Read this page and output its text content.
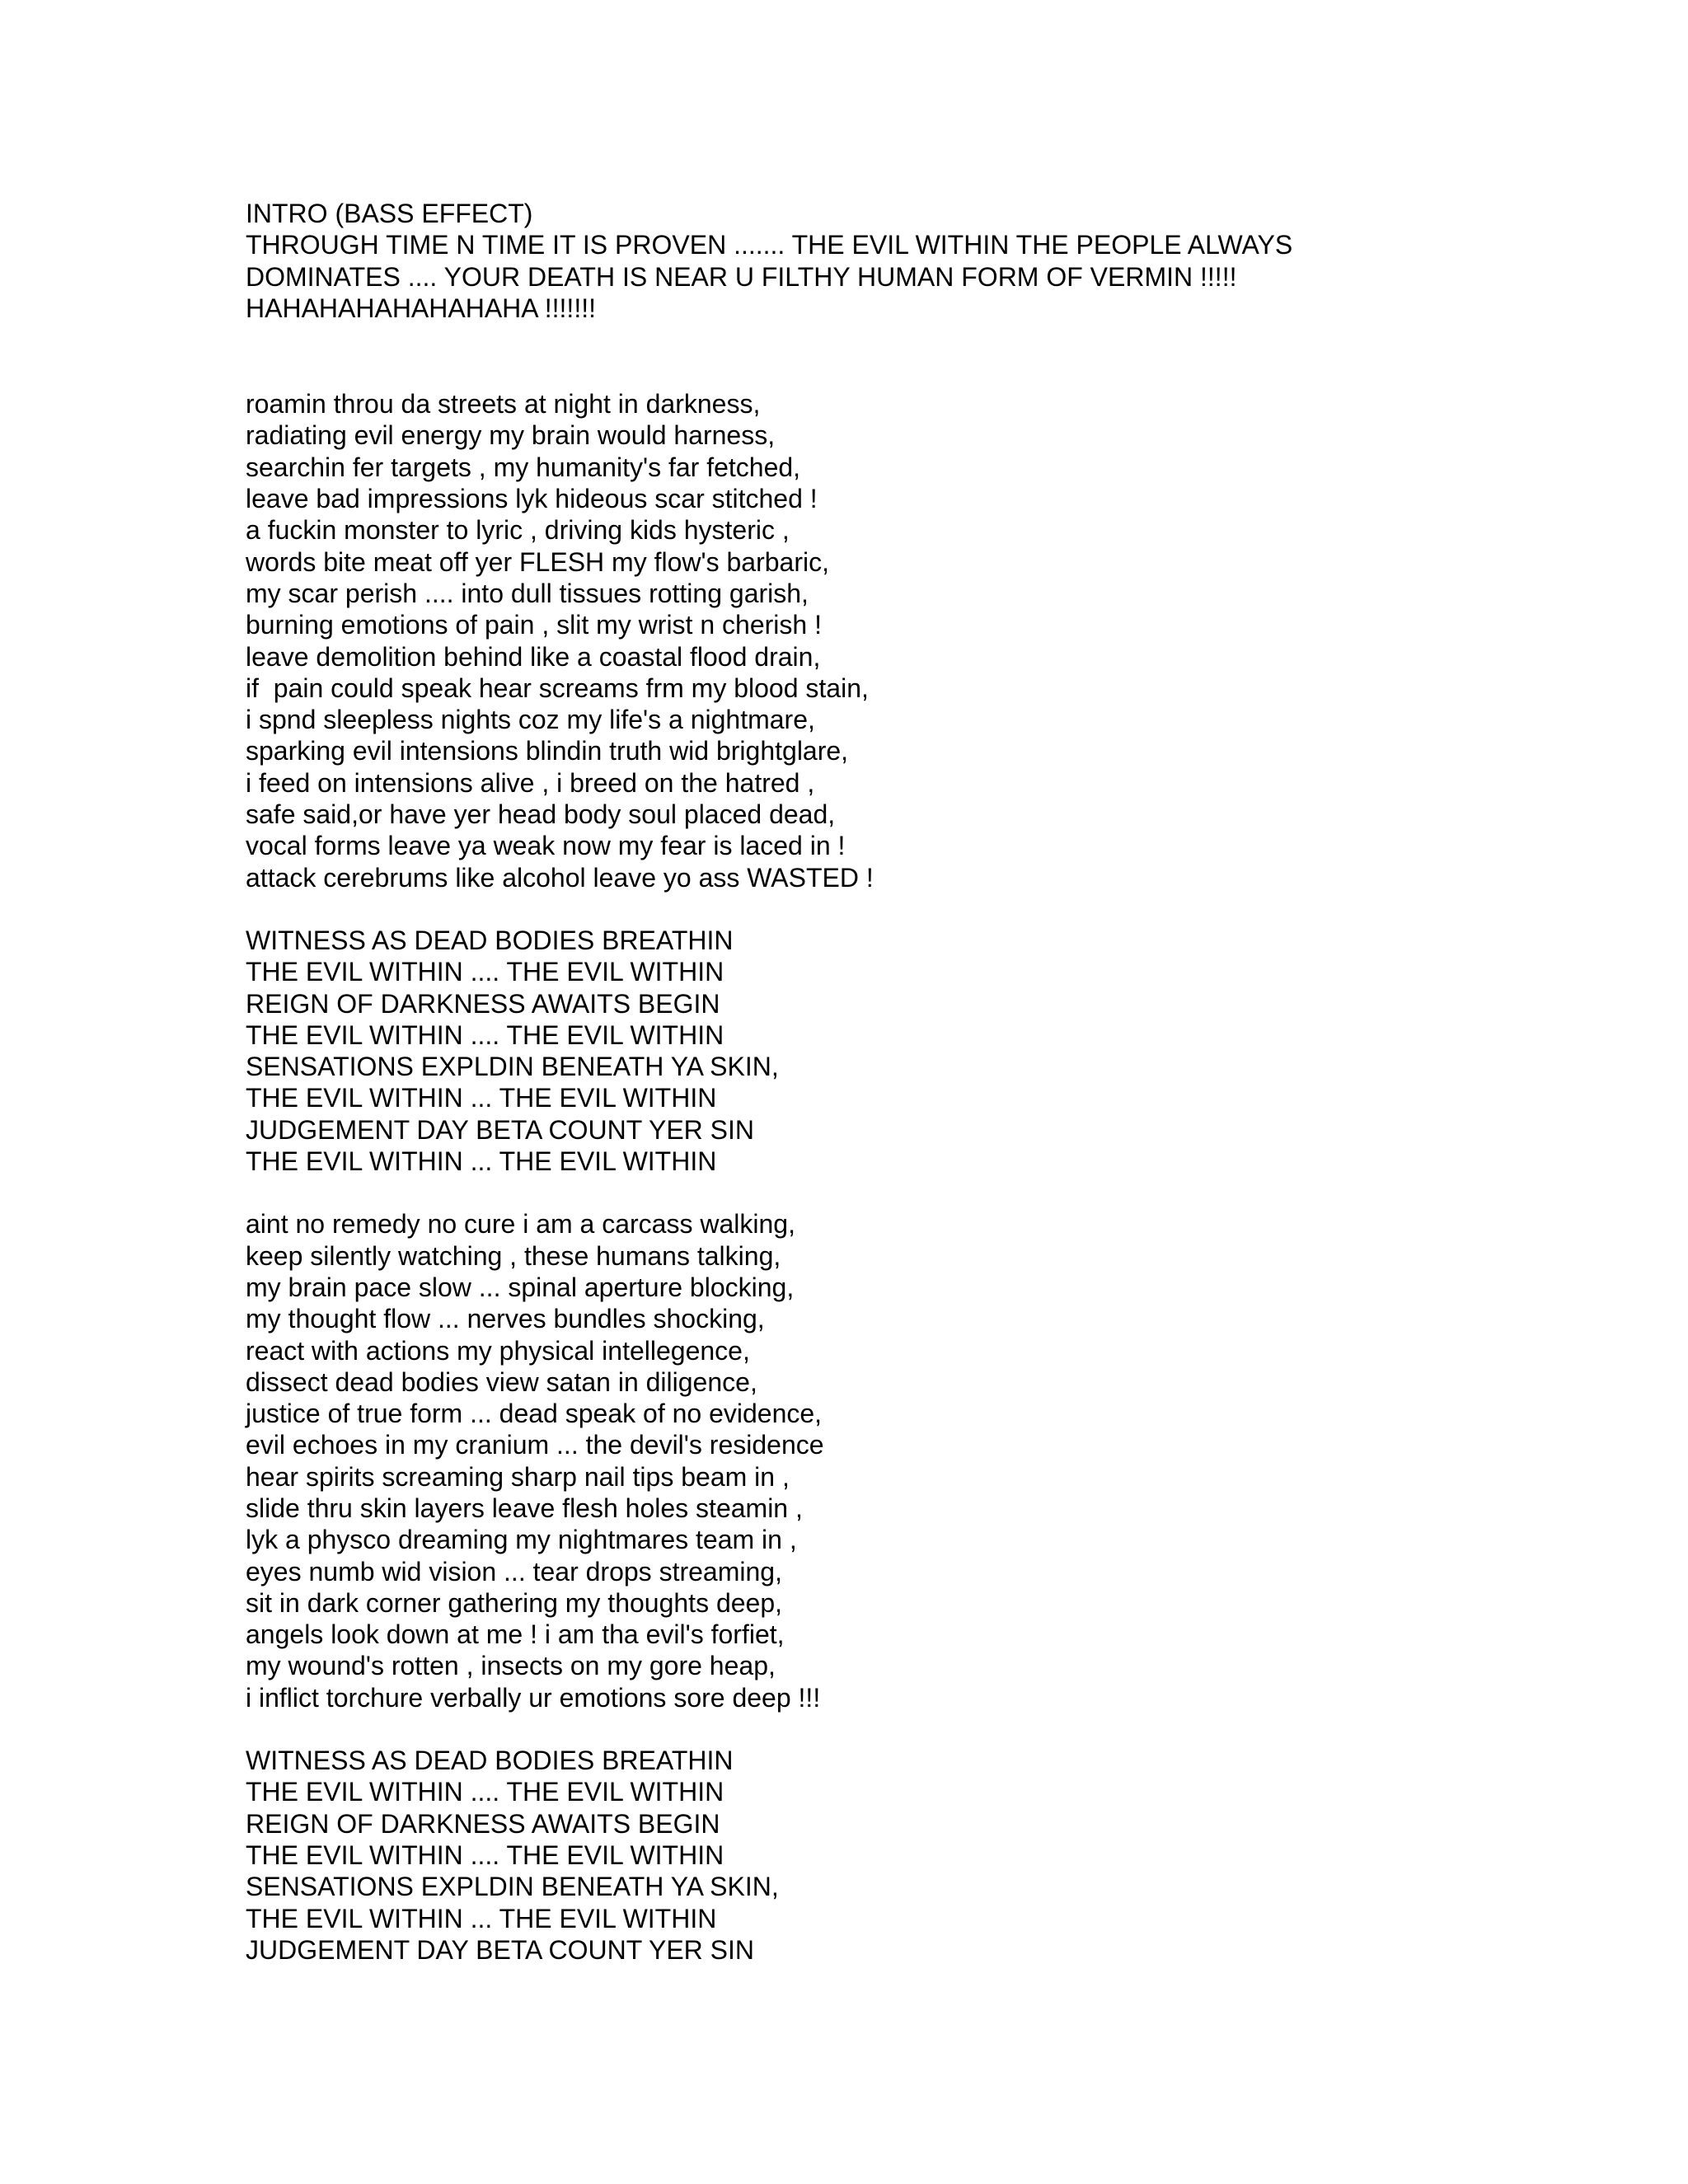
INTRO (BASS EFFECT)
THROUGH TIME N TIME IT IS PROVEN ....... THE EVIL WITHIN THE PEOPLE ALWAYS
DOMINATES .... YOUR DEATH IS NEAR U FILTHY HUMAN FORM OF VERMIN !!!!!
HAHAHAHAHAHAHAHA !!!!!!!
roamin throu da streets at night in darkness,
radiating evil energy my brain would harness,
searchin fer targets , my humanity's far fetched,
leave bad impressions lyk hideous scar stitched !
a fuckin monster to lyric , driving kids hysteric ,
words bite meat off yer FLESH my flow's barbaric,
my scar perish .... into dull tissues rotting garish,
burning emotions of pain , slit my wrist n cherish !
leave demolition behind like a coastal flood drain,
if  pain could speak hear screams frm my blood stain,
i spnd sleepless nights coz my life's a nightmare,
sparking evil intensions blindin truth wid brightglare,
i feed on intensions alive , i breed on the hatred ,
safe said,or have yer head body soul placed dead,
vocal forms leave ya weak now my fear is laced in !
attack cerebrums like alcohol leave yo ass WASTED !
WITNESS AS DEAD BODIES BREATHIN
THE EVIL WITHIN .... THE EVIL WITHIN
REIGN OF DARKNESS AWAITS BEGIN
THE EVIL WITHIN .... THE EVIL WITHIN
SENSATIONS EXPLDIN BENEATH YA SKIN,
THE EVIL WITHIN ... THE EVIL WITHIN
JUDGEMENT DAY BETA COUNT YER SIN
THE EVIL WITHIN ... THE EVIL WITHIN
aint no remedy no cure i am a carcass walking,
keep silently watching , these humans talking,
my brain pace slow ... spinal aperture blocking,
my thought flow ... nerves bundles shocking,
react with actions my physical intellegence,
dissect dead bodies view satan in diligence,
justice of true form ... dead speak of no evidence,
evil echoes in my cranium ... the devil's residence
hear spirits screaming sharp nail tips beam in ,
slide thru skin layers leave flesh holes steamin ,
lyk a physco dreaming my nightmares team in ,
eyes numb wid vision ... tear drops streaming,
sit in dark corner gathering my thoughts deep,
angels look down at me ! i am tha evil's forfiet,
my wound's rotten , insects on my gore heap,
i inflict torchure verbally ur emotions sore deep !!!
WITNESS AS DEAD BODIES BREATHIN
THE EVIL WITHIN .... THE EVIL WITHIN
REIGN OF DARKNESS AWAITS BEGIN
THE EVIL WITHIN .... THE EVIL WITHIN
SENSATIONS EXPLDIN BENEATH YA SKIN,
THE EVIL WITHIN ... THE EVIL WITHIN
JUDGEMENT DAY BETA COUNT YER SIN
